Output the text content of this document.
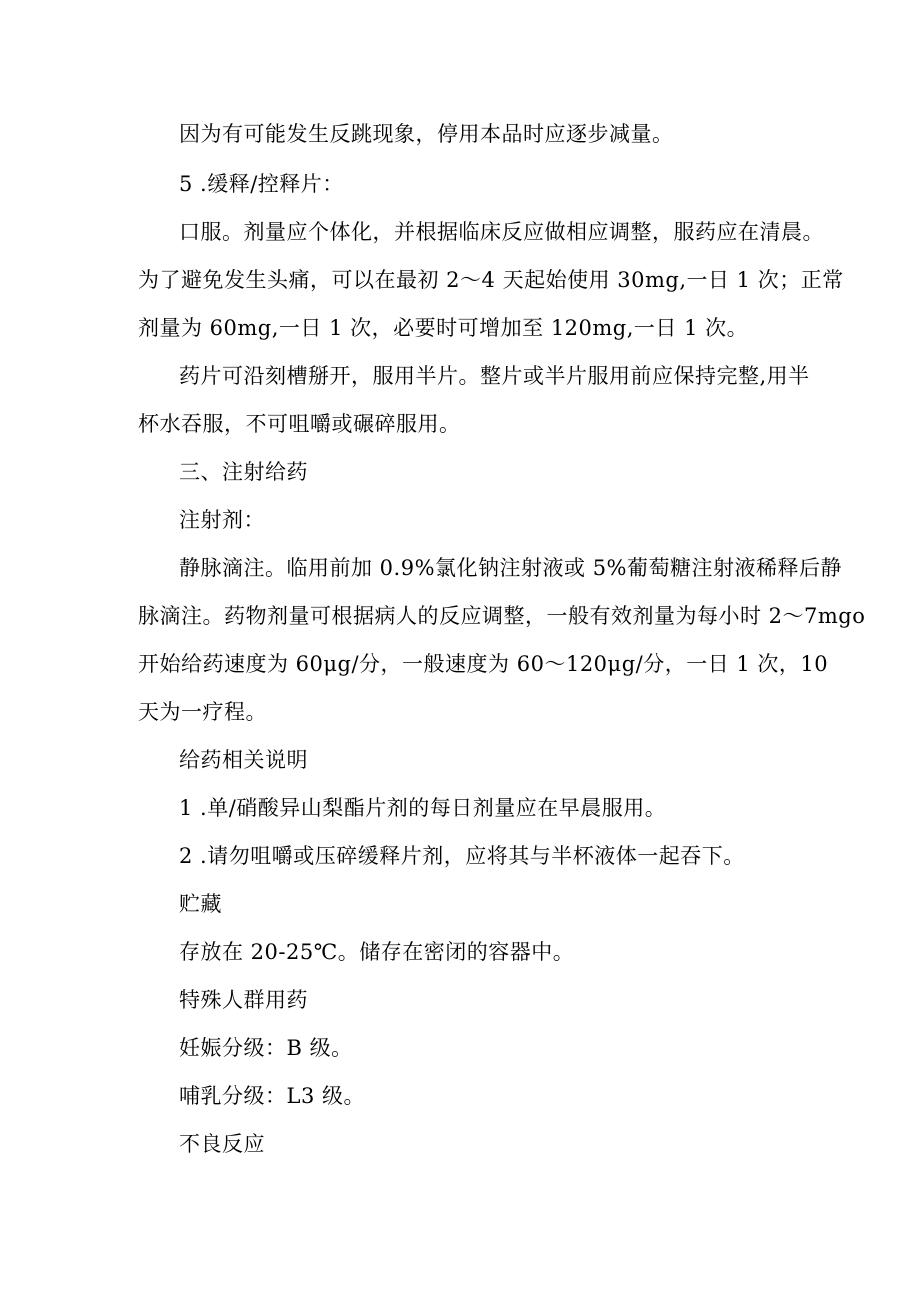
因为有可能发生反跳现象，停用本品时应逐步减量。
5 .缓释/控释片：
口服。剂量应个体化，并根据临床反应做相应调整，服药应在清晨。
为了避免发生头痛，可以在最初 2～4 天起始使用 30mg,一日 1 次；正常
剂量为 60mg,一日 1 次，必要时可增加至 120mg,一日 1 次。
药片可沿刻槽掰开，服用半片。整片或半片服用前应保持完整,用半
杯水吞服，不可咀嚼或碾碎服用。
三、注射给药
注射剂：
静脉滴注。临用前加 0.9%氯化钠注射液或 5%葡萄糖注射液稀释后静
脉滴注。药物剂量可根据病人的反应调整，一般有效剂量为每小时 2～7mgo
开始给药速度为 60μg/分，一般速度为 60～120μg/分，一日 1 次，10
天为一疗程。
给药相关说明
1 .单/硝酸异山梨酯片剂的每日剂量应在早晨服用。
2 .请勿咀嚼或压碎缓释片剂，应将其与半杯液体一起吞下。
贮藏
存放在 20-25℃。储存在密闭的容器中。
特殊人群用药
妊娠分级：B 级。
哺乳分级：L3 级。
不良反应
